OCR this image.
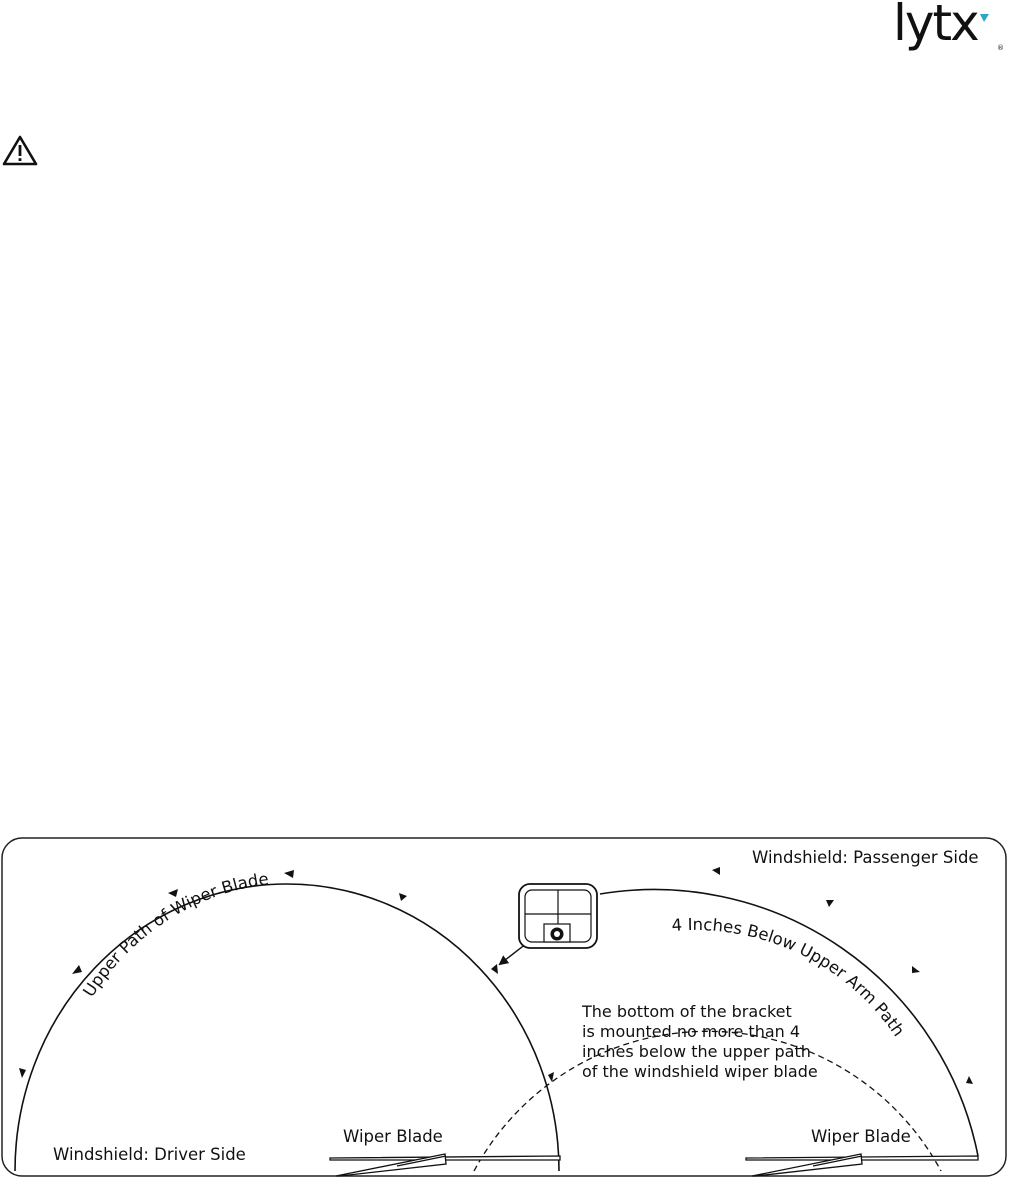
lytx	®
Windshield: Passenger Side
Windshield: Driver Side
Wiper Blade	Wiper Blade
Upper Path of Wiper Blade
4 Inches Below Upper Arm Path
The bottom of the bracket
is mounted no more than 4
inches below the upper path
of the windshield wiper blade
